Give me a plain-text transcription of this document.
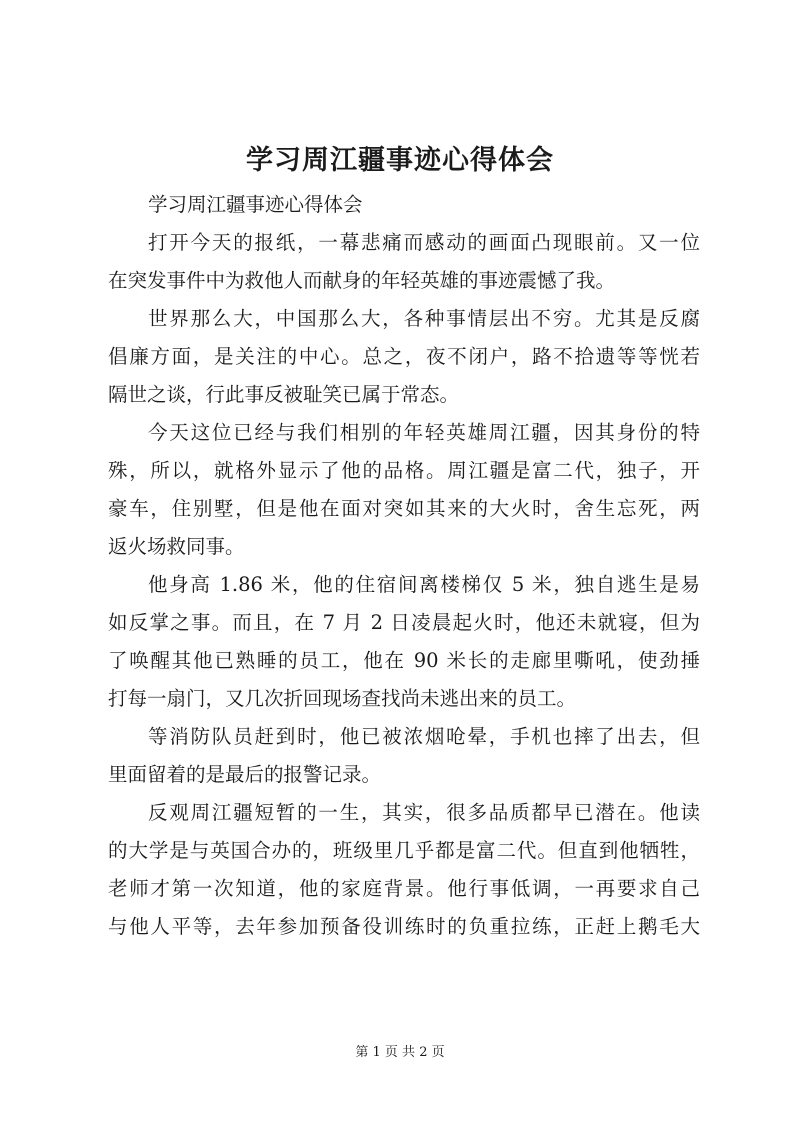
学习周江疆事迹心得体会
学习周江疆事迹心得体会
打开今天的报纸，一幕悲痛而感动的画面凸现眼前。又一位
在突发事件中为救他人而献身的年轻英雄的事迹震憾了我。
世界那么大，中国那么大，各种事情层出不穷。尤其是反腐
倡廉方面，是关注的中心。总之，夜不闭户，路不拾遗等等恍若
隔世之谈，行此事反被耻笑已属于常态。
今天这位已经与我们相别的年轻英雄周江疆，因其身份的特
殊，所以，就格外显示了他的品格。周江疆是富二代，独子，开
豪车，住别墅，但是他在面对突如其来的大火时，舍生忘死，两
返火场救同事。
他身高 1.86 米，他的住宿间离楼梯仅 5 米，独自逃生是易
如反掌之事。而且，在 7 月 2 日凌晨起火时，他还未就寝，但为
了唤醒其他已熟睡的员工，他在 90 米长的走廊里嘶吼，使劲捶
打每一扇门，又几次折回现场查找尚未逃出来的员工。
等消防队员赶到时，他已被浓烟呛晕，手机也摔了出去，但
里面留着的是最后的报警记录。
反观周江疆短暂的一生，其实，很多品质都早已潜在。他读
的大学是与英国合办的，班级里几乎都是富二代。但直到他牺牲，
老师才第一次知道，他的家庭背景。他行事低调，一再要求自己
与他人平等，去年参加预备役训练时的负重拉练，正赶上鹅毛大
第 1 页 共 2 页
